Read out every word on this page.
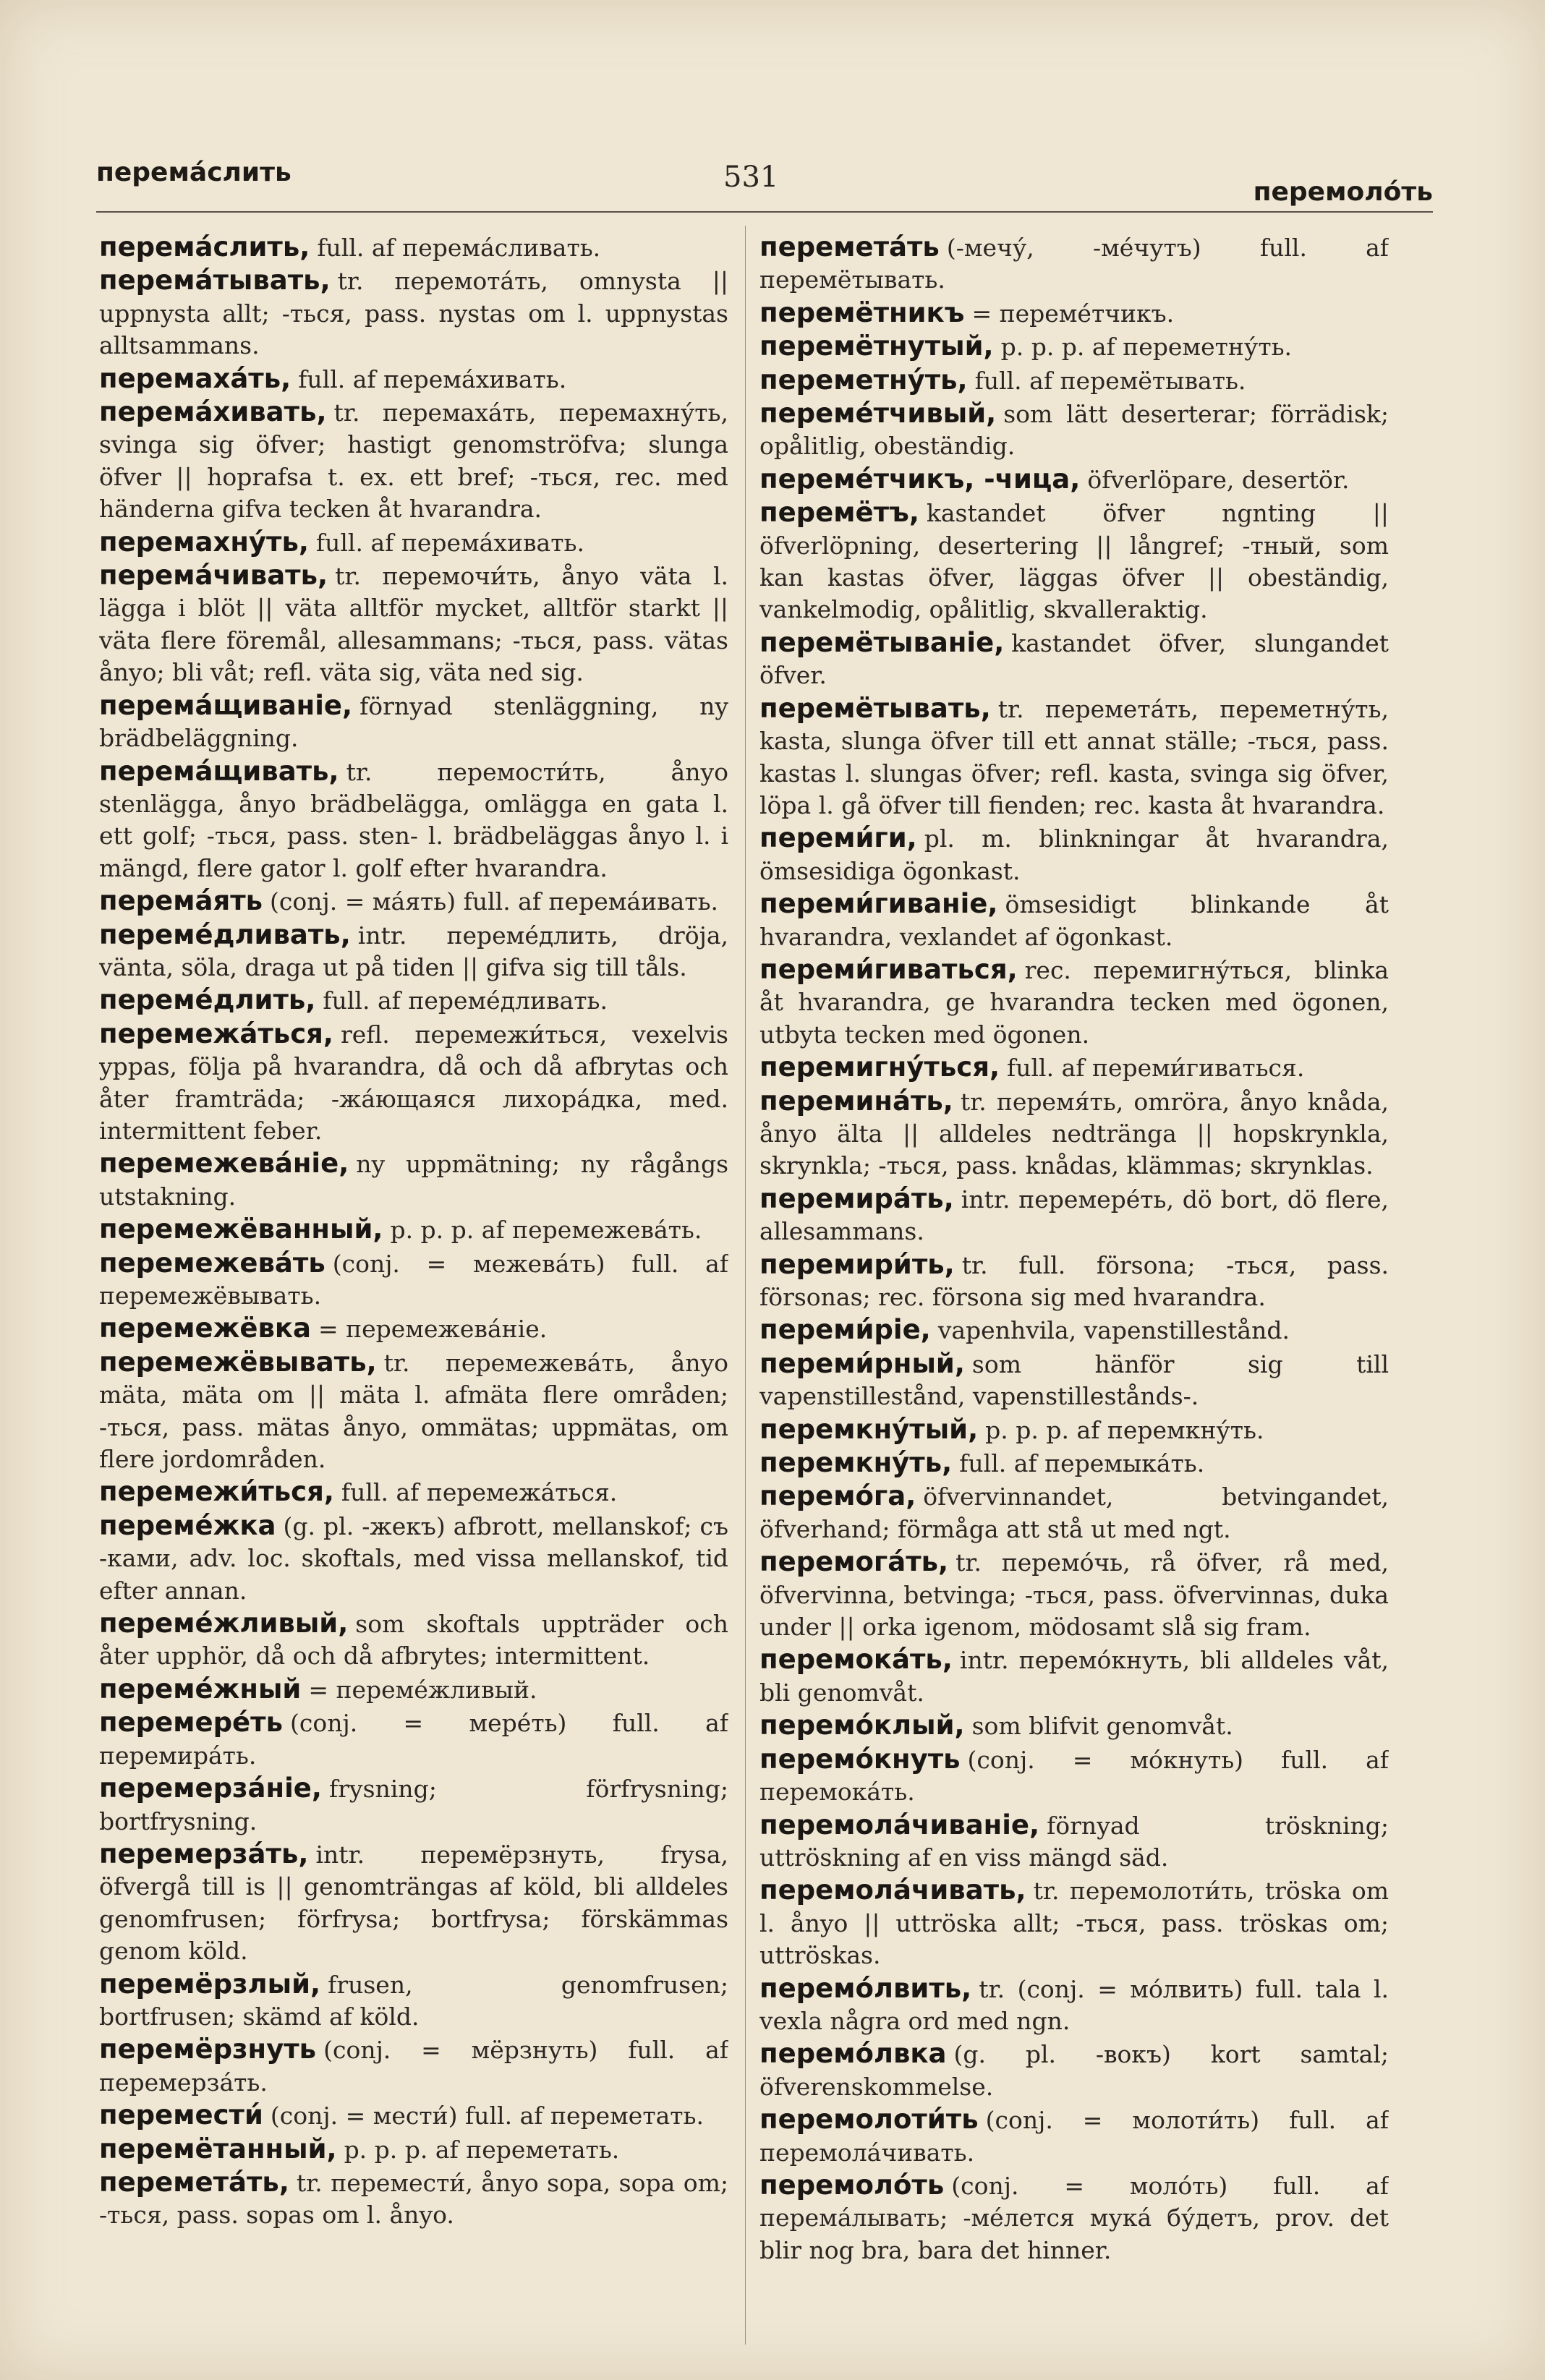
перема́слить	531	перемоло́ть

перема́слить, full. af перема́сливать.

перема́тывать, tr. перемота́ть, omnysta || uppnysta allt; -ться, pass. nystas om l. uppnystas alltsammans.

перемаха́ть, full. af перема́хивать.

перема́хивать, tr. перемаха́ть, перемахну́ть, svinga sig öfver; hastigt genomströfva; slunga öfver || hoprafsa t. ex. ett bref; -ться, rec. med händerna gifva tecken åt hvarandra.

перемахну́ть, full. af перема́хивать.

перема́чивать, tr. перемочи́ть, ånyo väta l. lägga i blöt || väta alltför mycket, alltför starkt || väta flere föremål, allesammans; -ться, pass. vätas ånyo; bli våt; refl. väta sig, väta ned sig.

перема́щиванiе, förnyad stenläggning, ny brädbeläggning.

перема́щивать, tr. перемости́ть, ånyo stenlägga, ånyo brädbelägga, omlägga en gata l. ett golf; -ться, pass. sten- l. brädbeläggas ånyo l. i mängd, flere gator l. golf efter hvarandra.

перема́ять (conj. = ма́ять) full. af перема́ивать.

переме́дливать, intr. переме́длить, dröja, vänta, söla, draga ut på tiden || gifva sig till tåls.

переме́длить, full. af переме́дливать.

перемежа́ться, refl. перемежи́ться, vexelvis yppas, följa på hvarandra, då och då afbrytas och åter framträda; -жа́ющаяся лихора́дка, med. intermittent feber.

перемежева́нiе, ny uppmätning; ny rågångs utstakning.

перемежёванный, p. p. p. af перемежева́ть.

перемежева́ть (conj. = межева́ть) full. af перемежёвывать.

перемежёвка = перемежева́нiе.

перемежёвывать, tr. перемежева́ть, ånyo mäta, mäta om || mäta l. afmäta flere områden; -ться, pass. mätas ånyo, ommätas; uppmätas, om flere jordområden.

перемежи́ться, full. af перемежа́ться.

переме́жка (g. pl. -жекъ) afbrott, mellanskof; съ -ками, adv. loc. skoftals, med vissa mellanskof, tid efter annan.

переме́жливый, som skoftals uppträder och åter upphör, då och då afbrytes; intermittent.

переме́жный = переме́жливый.

перемере́ть (conj. = мере́ть) full. af перемира́ть.

перемерза́нiе, frysning; förfrysning; bortfrysning.

перемерза́ть, intr. перемёрзнуть, frysa, öfvergå till is || genomträngas af köld, bli alldeles genomfrusen; förfrysa; bortfrysa; förskämmas genom köld.

перемёрзлый, frusen, genomfrusen; bortfrusen; skämd af köld.

перемёрзнуть (conj. = мёрзнуть) full. af перемерза́ть.

перемести́ (conj. = мести́) full. af переметать.

перемётанный, p. p. p. af переметать.

перемета́ть, tr. перемести́, ånyo sopa, sopa om; -ться, pass. sopas om l. ånyo.

перемета́ть (-мечу́, -ме́чутъ) full. af перемётывать.

перемётникъ = переме́тчикъ.

перемётнутый, p. p. p. af переметну́ть.

переметну́ть, full. af перемётывать.

переме́тчивый, som lätt deserterar; förrädisk; opålitlig, obeständig.

переме́тчикъ, -чица, öfverlöpare, desertör.

перемётъ, kastandet öfver ngnting || öfverlöpning, desertering || långref; -тный, som kan kastas öfver, läggas öfver || obeständig, vankelmodig, opålitlig, skvalleraktig.

перемётыванiе, kastandet öfver, slungandet öfver.

перемётывать, tr. перемета́ть, переметну́ть, kasta, slunga öfver till ett annat ställe; -ться, pass. kastas l. slungas öfver; refl. kasta, svinga sig öfver, löpa l. gå öfver till fienden; rec. kasta åt hvarandra.

переми́ги, pl. m. blinkningar åt hvarandra, ömsesidiga ögonkast.

переми́гиванiе, ömsesidigt blinkande åt hvarandra, vexlandet af ögonkast.

переми́гиваться, rec. перемигну́ться, blinka åt hvarandra, ge hvarandra tecken med ögonen, utbyta tecken med ögonen.

перемигну́ться, full. af переми́гиваться.

перемина́ть, tr. перемя́ть, omröra, ånyo knåda, ånyo älta || alldeles nedtränga || hopskrynkla, skrynkla; -ться, pass. knådas, klämmas; skrynklas.

перемира́ть, intr. перемере́ть, dö bort, dö flere, allesammans.

перемири́ть, tr. full. försona; -ться, pass. försonas; rec. försona sig med hvarandra.

переми́рiе, vapenhvila, vapenstillestånd.

переми́рный, som hänför sig till vapenstillestånd, vapenstillestånds-.

перемкну́тый, p. p. p. af перемкну́ть.

перемкну́ть, full. af перемыка́ть.

перемо́га, öfvervinnandet, betvingandet, öfverhand; förmåga att stå ut med ngt.

перемога́ть, tr. перемо́чь, rå öfver, rå med, öfvervinna, betvinga; -ться, pass. öfvervinnas, duka under || orka igenom, mödosamt slå sig fram.

перемока́ть, intr. перемо́кнуть, bli alldeles våt, bli genomvåt.

перемо́клый, som blifvit genomvåt.

перемо́кнуть (conj. = мо́кнуть) full. af перемока́ть.

перемола́чиванiе, förnyad tröskning; uttröskning af en viss mängd säd.

перемола́чивать, tr. перемолоти́ть, tröska om l. ånyo || uttröska allt; -ться, pass. tröskas om; uttröskas.

перемо́лвить, tr. (conj. = мо́лвить) full. tala l. vexla några ord med ngn.

перемо́лвка (g. pl. -вокъ) kort samtal; öfverenskommelse.

перемолоти́ть (conj. = молоти́ть) full. af перемола́чивать.

перемоло́ть (conj. = моло́ть) full. af перема́лывать; -ме́лется мука́ бу́детъ, prov. det blir nog bra, bara det hinner.
